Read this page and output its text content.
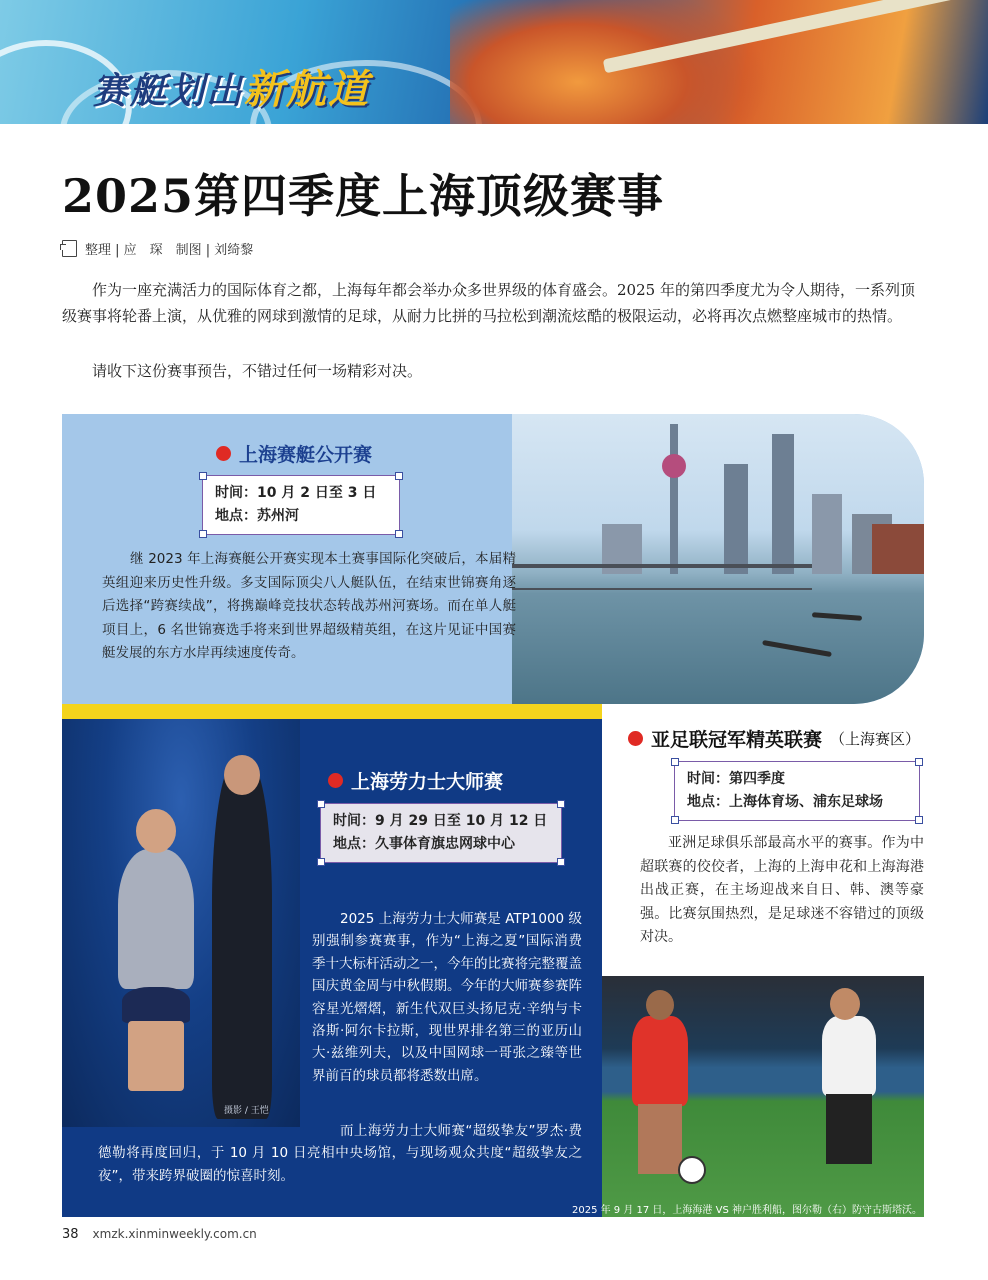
赛艇划出新航道
2025第四季度上海顶级赛事
整理 | 应　琛　制图 | 刘绮黎
作为一座充满活力的国际体育之都，上海每年都会举办众多世界级的体育盛会。2025 年的第四季度尤为令人期待，一系列顶级赛事将轮番上演，从优雅的网球到激情的足球，从耐力比拼的马拉松到潮流炫酷的极限运动，必将再次点燃整座城市的热情。
请收下这份赛事预告，不错过任何一场精彩对决。
上海赛艇公开赛
时间：10 月 2 日至 3 日
地点：苏州河
继 2023 年上海赛艇公开赛实现本土赛事国际化突破后，本届精英组迎来历史性升级。多支国际顶尖八人艇队伍，在结束世锦赛角逐后选择“跨赛续战”，将携巅峰竞技状态转战苏州河赛场。而在单人艇项目上，6 名世锦赛选手将来到世界超级精英组，在这片见证中国赛艇发展的东方水岸再续速度传奇。
摄影 / 王恺
上海劳力士大师赛
时间：9 月 29 日至 10 月 12 日
地点：久事体育旗忠网球中心
2025 上海劳力士大师赛是 ATP1000 级别强制参赛赛事，作为“上海之夏”国际消费季十大标杆活动之一，今年的比赛将完整覆盖国庆黄金周与中秋假期。今年的大师赛参赛阵容星光熠熠，新生代双巨头扬尼克·辛纳与卡洛斯·阿尔卡拉斯，现世界排名第三的亚历山大·兹维列夫，以及中国网球一哥张之臻等世界前百的球员都将悉数出席。
而上海劳力士大师赛“超级挚友”罗杰·费德勒将再度回归，于 10 月 10 日亮相中央场馆，与现场观众共度“超级挚友之夜”，带来跨界破圈的惊喜时刻。
亚足联冠军精英联赛 （上海赛区）
时间：第四季度
地点：上海体育场、浦东足球场
亚洲足球俱乐部最高水平的赛事。作为中超联赛的佼佼者，上海的上海申花和上海海港出战正赛，在主场迎战来自日、韩、澳等豪强。比赛氛围热烈，是足球迷不容错过的顶级对决。
2025 年 9 月 17 日，上海海港 VS 神户胜利船，图尔勒（右）防守古斯塔沃。
38 xmzk.xinminweekly.com.cn
